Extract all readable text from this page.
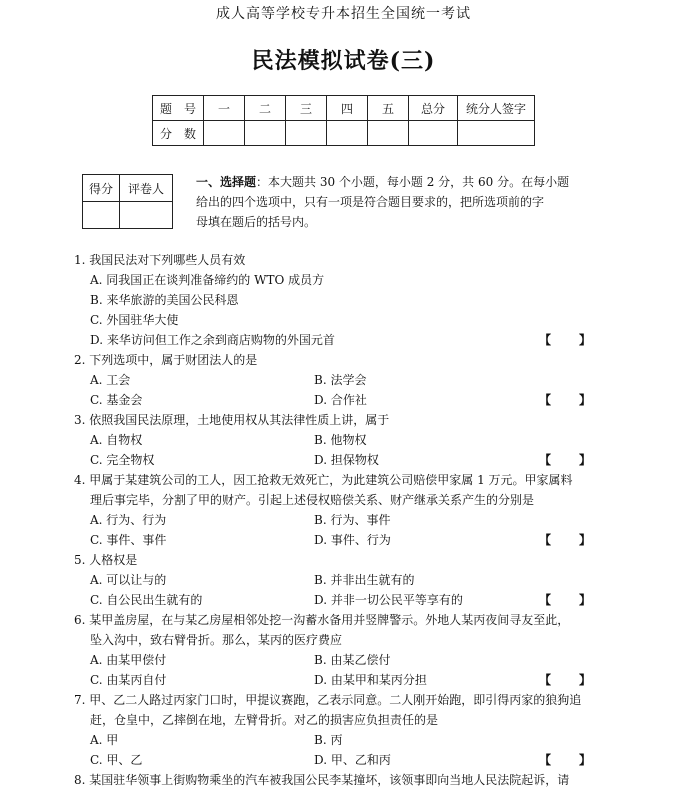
成人高等学校专升本招生全国统一考试
民法模拟试卷(三)
题　号	一	二	三	四	五	总分	统分人签字
分　数							
得分	评卷人
		一、选择题：本大题共 30 个小题，每小题 2 分，共 60 分。在每小题
给出的四个选项中，只有一项是符合题目要求的，把所选项前的字
母填在题后的括号内。
1. 我国民法对下列哪些人员有效
A. 同我国正在谈判准备缔约的 WTO 成员方
B. 来华旅游的美国公民科恩
C. 外国驻华大使
D. 来华访问但工作之余到商店购物的外国元首	【】
2. 下列选项中，属于财团法人的是
A. 工会	B. 法学会
C. 基金会	D. 合作社	【】
3. 依照我国民法原理，土地使用权从其法律性质上讲，属于
A. 自物权	B. 他物权
C. 完全物权	D. 担保物权	【】
4. 甲属于某建筑公司的工人，因工抢救无效死亡，为此建筑公司赔偿甲家属 1 万元。甲家属料
理后事完毕，分割了甲的财产。引起上述侵权赔偿关系、财产继承关系产生的分别是
A. 行为、行为	B. 行为、事件
C. 事件、事件	D. 事件、行为	【】
5. 人格权是
A. 可以让与的	B. 并非出生就有的
C. 自公民出生就有的	D. 并非一切公民平等享有的	【】
6. 某甲盖房屋，在与某乙房屋相邻处挖一沟蓄水备用并竖牌警示。外地人某丙夜间寻友至此，
坠入沟中，致右臂骨折。那么，某丙的医疗费应
A. 由某甲偿付	B. 由某乙偿付
C. 由某丙自付	D. 由某甲和某丙分担	【】
7. 甲、乙二人路过丙家门口时，甲提议赛跑，乙表示同意。二人刚开始跑，即引得丙家的狼狗追
赶，仓皇中，乙摔倒在地，左臂骨折。对乙的损害应负担责任的是
A. 甲	B. 丙
C. 甲、乙	D. 甲、乙和丙	【】
8. 某国驻华领事上街购物乘坐的汽车被我国公民李某撞坏，该领事即向当地人民法院起诉，请
